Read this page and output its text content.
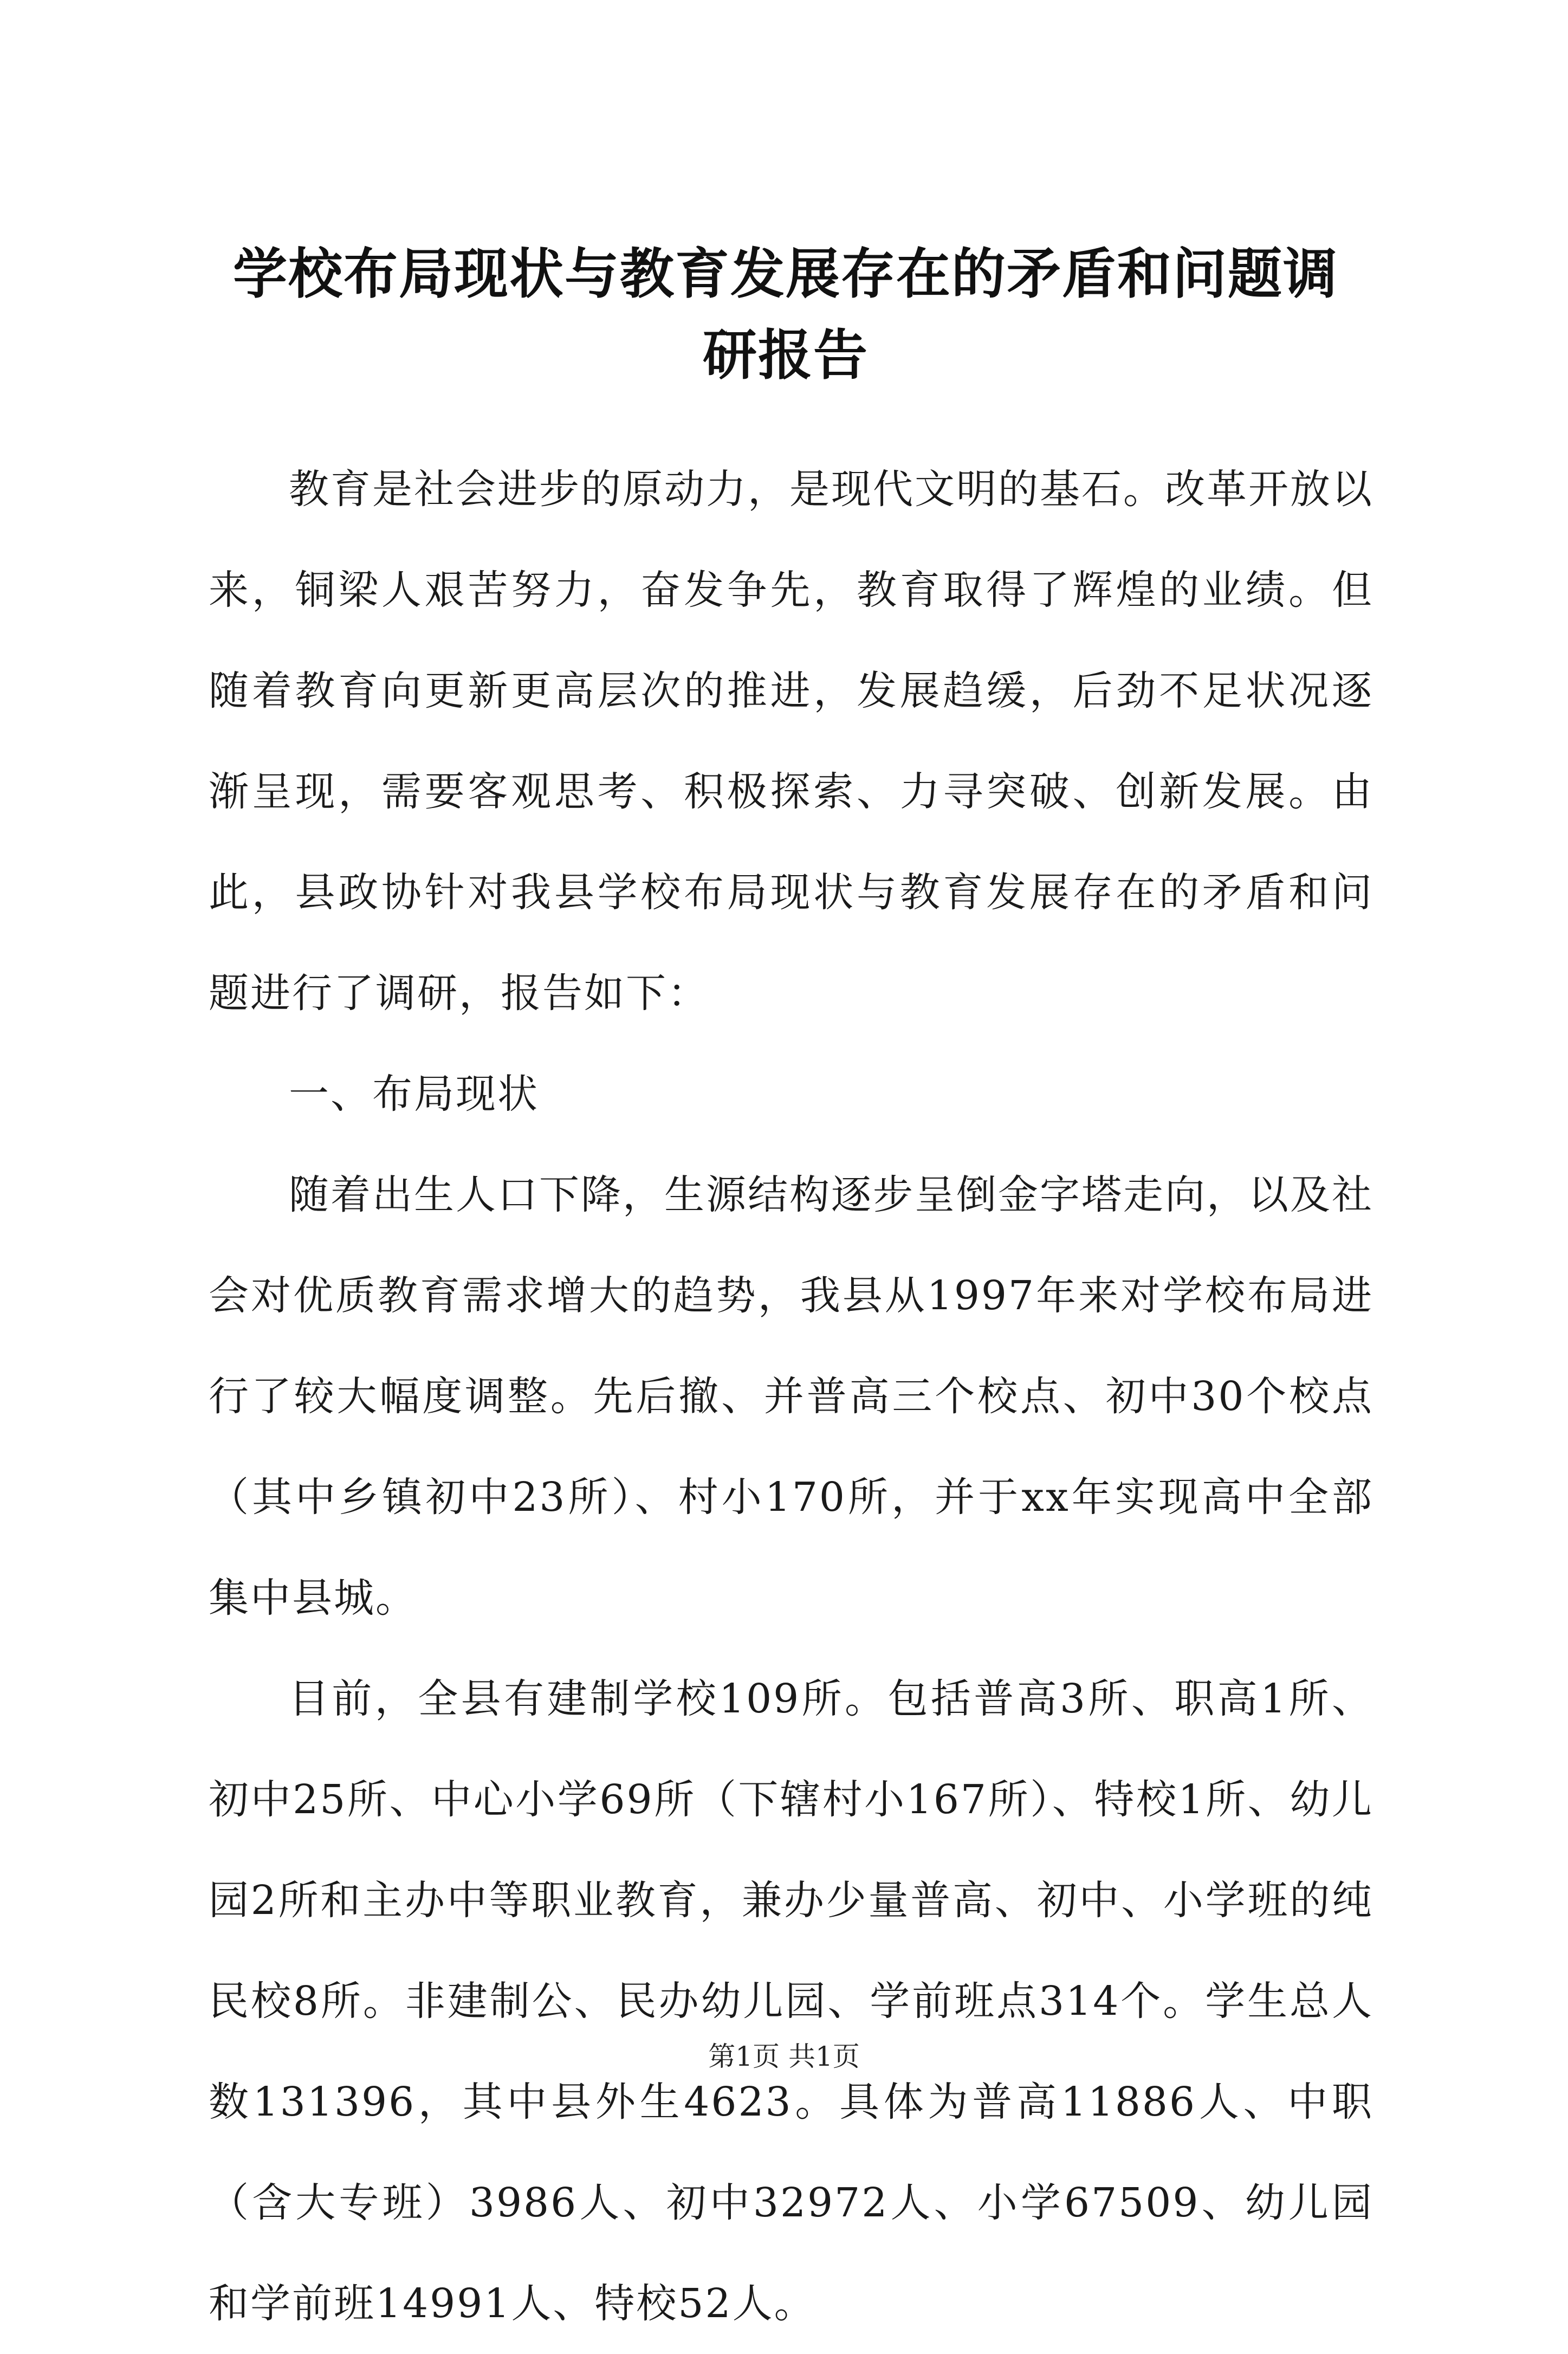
学校布局现状与教育发展存在的矛盾和问题调研报告

教育是社会进步的原动力，是现代文明的基石。改革开放以来，铜梁人艰苦努力，奋发争先，教育取得了辉煌的业绩。但随着教育向更新更高层次的推进，发展趋缓，后劲不足状况逐渐呈现，需要客观思考、积极探索、力寻突破、创新发展。由此，县政协针对我县学校布局现状与教育发展存在的矛盾和问题进行了调研，报告如下：

一、布局现状

随着出生人口下降，生源结构逐步呈倒金字塔走向，以及社会对优质教育需求增大的趋势，我县从1997年来对学校布局进行了较大幅度调整。先后撤、并普高三个校点、初中30个校点（其中乡镇初中23所）、村小170所，并于xx年实现高中全部集中县城。

目前，全县有建制学校109所。包括普高3所、职高1所、初中25所、中心小学69所（下辖村小167所）、特校1所、幼儿园2所和主办中等职业教育，兼办少量普高、初中、小学班的纯民校8所。非建制公、民办幼儿园、学前班点314个。学生总人数131396，其中县外生4623。具体为普高11886人、中职（含大专班）3986人、初中32972人、小学67509、幼儿园和学前班14991人、特校52人。

第1页 共1页
